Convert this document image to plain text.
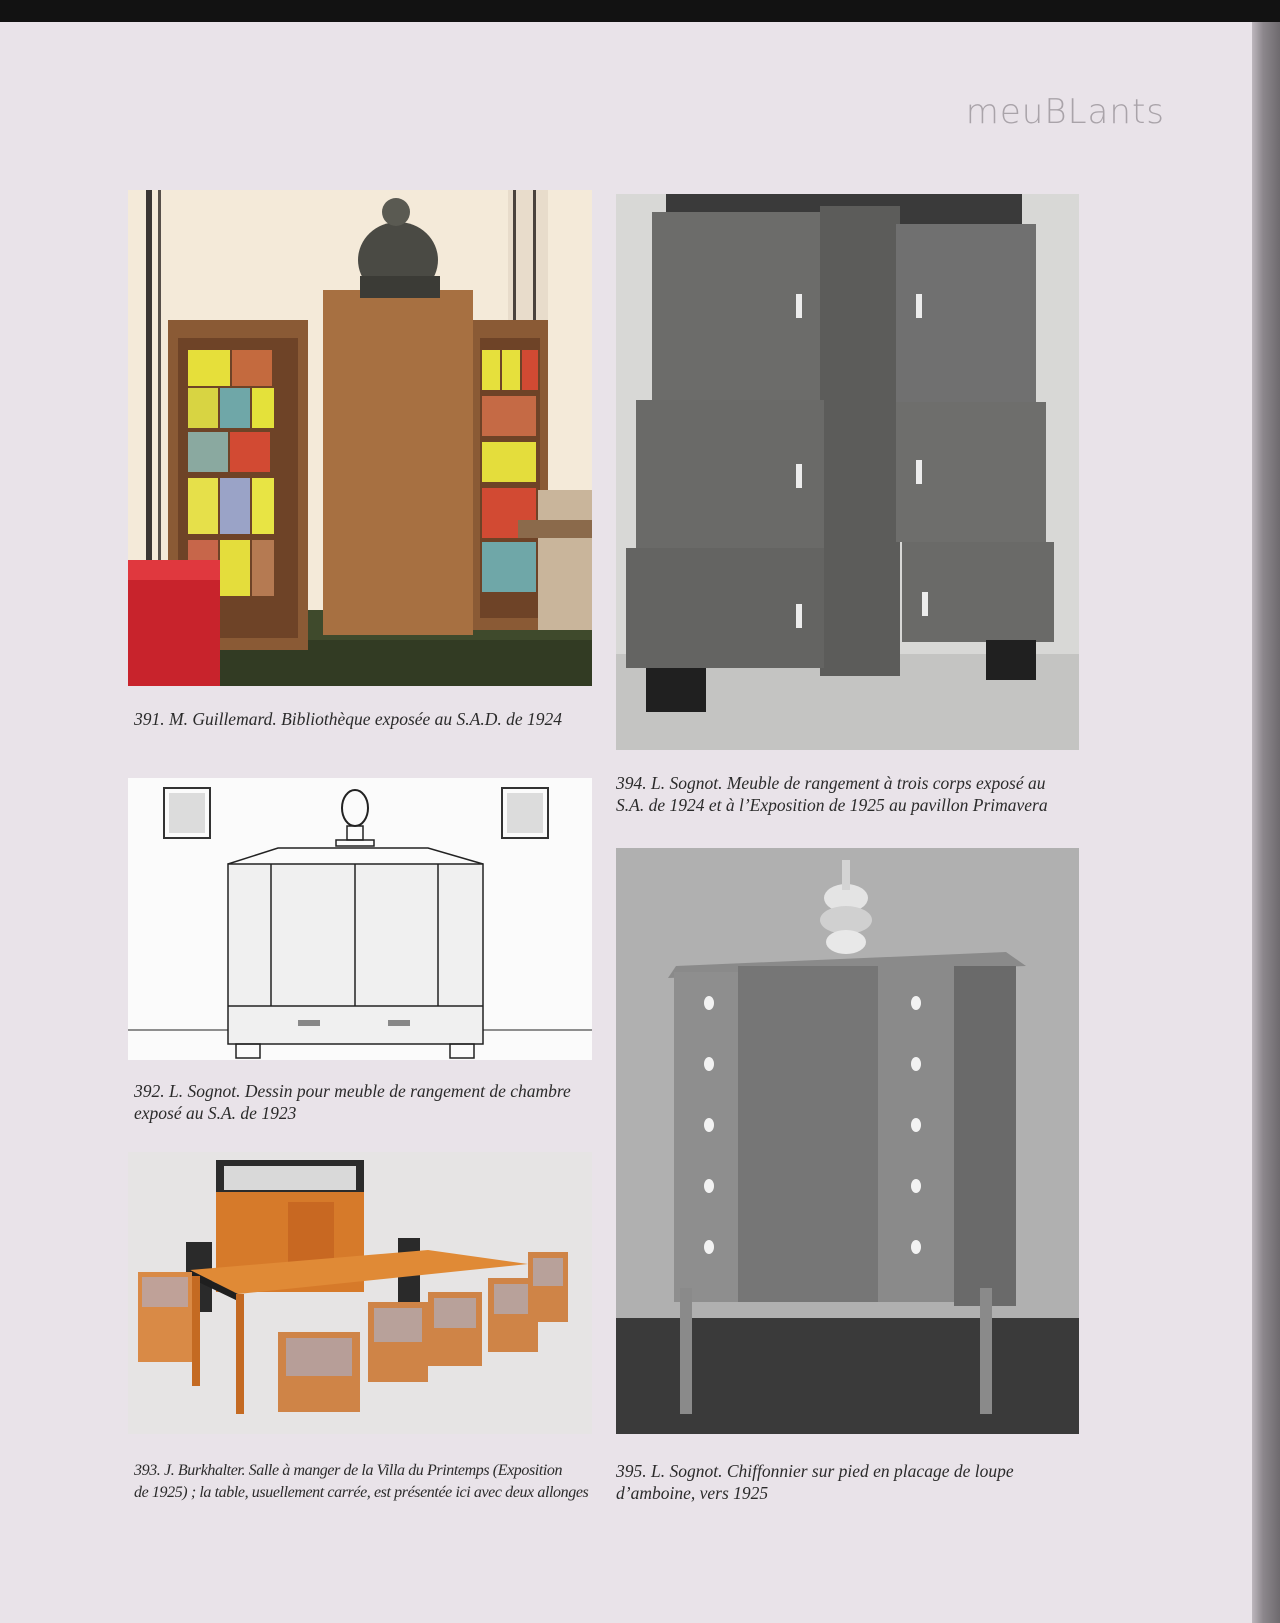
meuBLants

391. M. Guillemard. Bibliothèque exposée au S.A.D. de 1924

392. L. Sognot. Dessin pour meuble de rangement de chambre

exposé au S.A. de 1923

393. J. Burkhalter. Salle à manger de la Villa du Printemps (Exposition

de 1925) ; la table, usuellement carrée, est présentée ici avec deux allonges

394. L. Sognot. Meuble de rangement à trois corps exposé au

S.A. de 1924 et à l’Exposition de 1925 au pavillon Primavera

395. L. Sognot. Chiffonnier sur pied en placage de loupe

d’amboine, vers 1925
